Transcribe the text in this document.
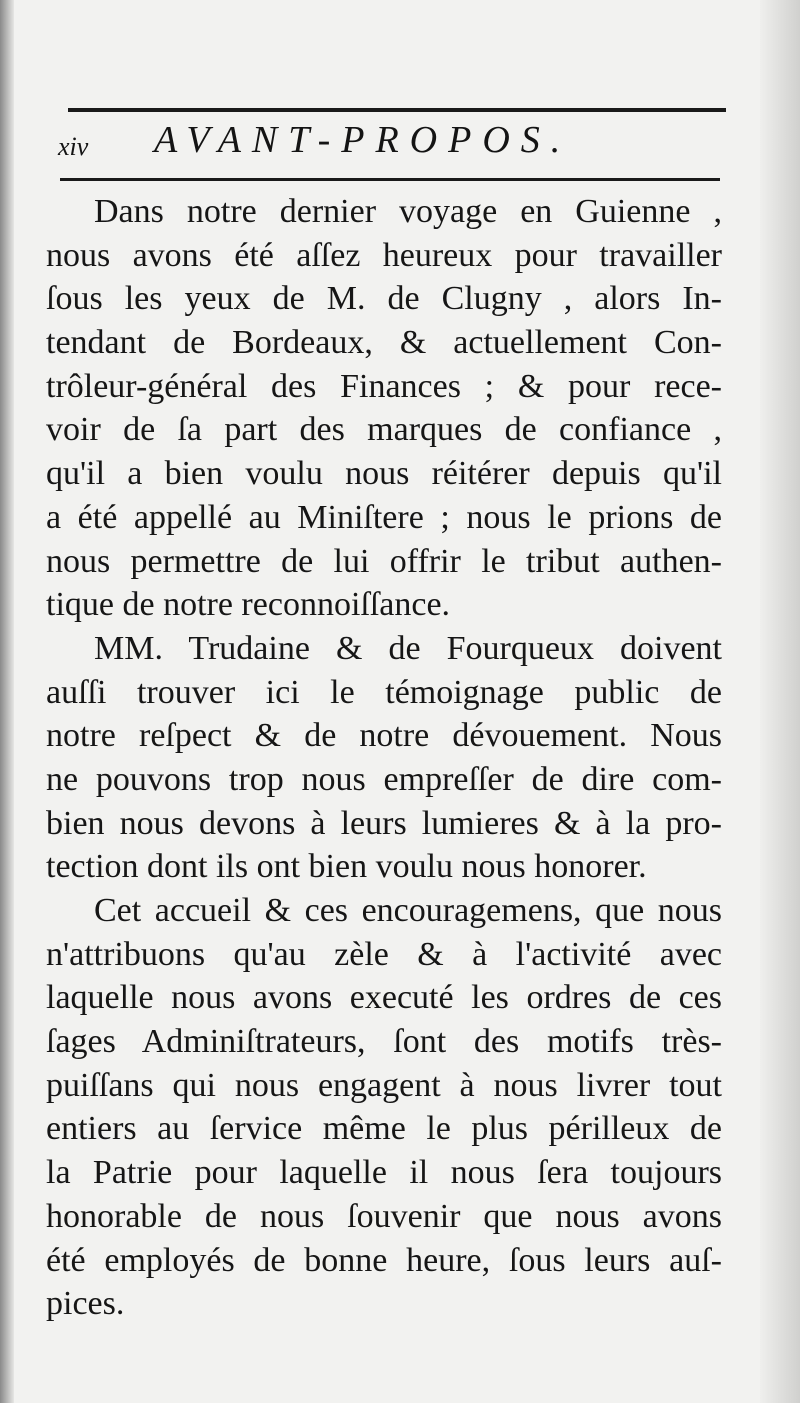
xiv AVANT-PROPOS.
Dans notre dernier voyage en Guienne ,
nous avons été aſſez heureux pour travailler
ſous les yeux de M. de Clugny , alors In-
tendant de Bordeaux, & actuellement Con-
trôleur-général des Finances ; & pour rece-
voir de ſa part des marques de confiance ,
qu'il a bien voulu nous réitérer depuis qu'il
a été appellé au Miniſtere ; nous le prions de
nous permettre de lui offrir le tribut authen-
tique de notre reconnoiſſance.
MM. Trudaine & de Fourqueux doivent
auſſi trouver ici le témoignage public de
notre reſpect & de notre dévouement. Nous
ne pouvons trop nous empreſſer de dire com-
bien nous devons à leurs lumieres & à la pro-
tection dont ils ont bien voulu nous honorer.
Cet accueil & ces encouragemens, que nous
n'attribuons qu'au zèle & à l'activité avec
laquelle nous avons executé les ordres de ces
ſages Adminiſtrateurs, ſont des motifs très-
puiſſans qui nous engagent à nous livrer tout
entiers au ſervice même le plus périlleux de
la Patrie pour laquelle il nous ſera toujours
honorable de nous ſouvenir que nous avons
été employés de bonne heure, ſous leurs auſ-
pices.
